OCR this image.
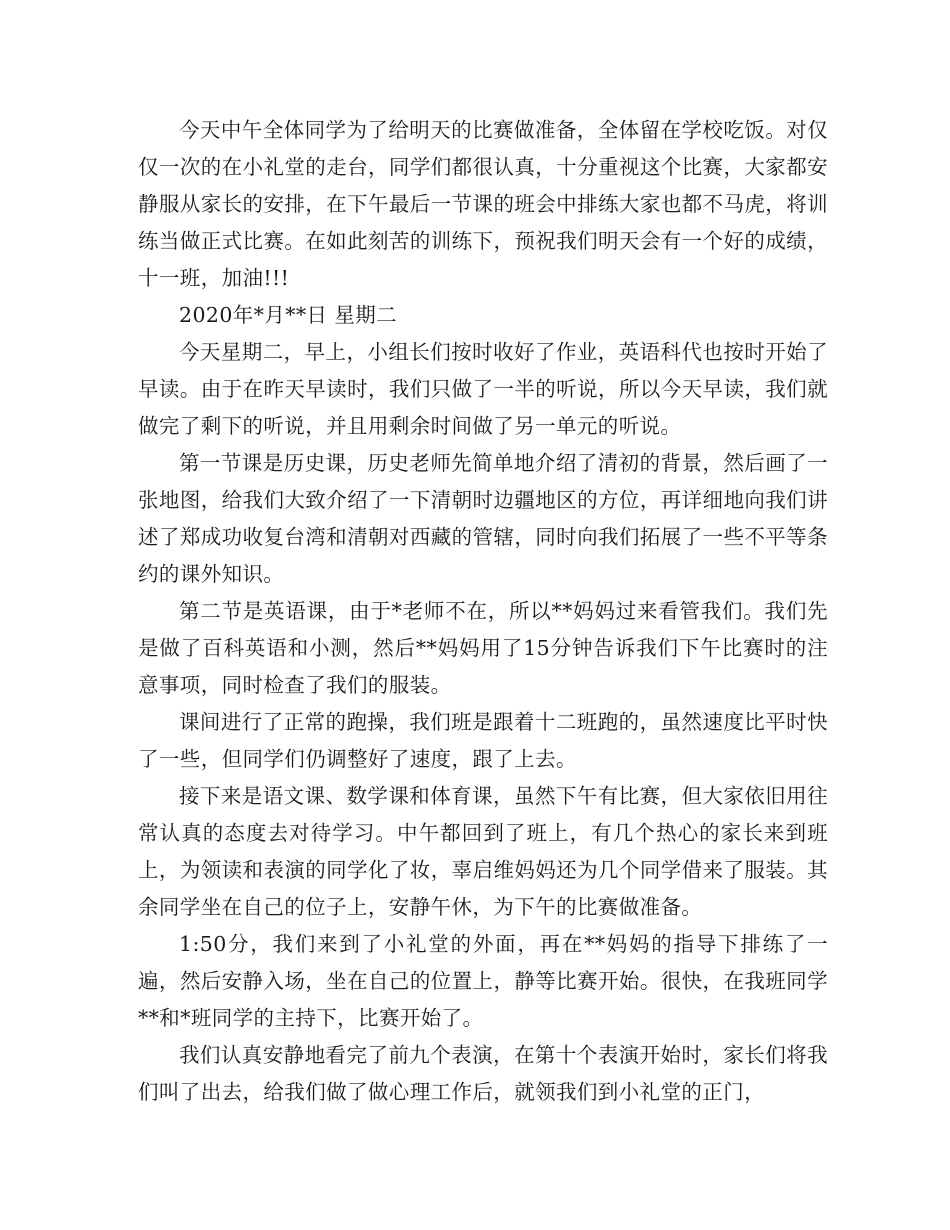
今天中午全体同学为了给明天的比赛做准备，全体留在学校吃饭。对仅仅一次的在小礼堂的走台，同学们都很认真，十分重视这个比赛，大家都安静服从家长的安排，在下午最后一节课的班会中排练大家也都不马虎，将训练当做正式比赛。在如此刻苦的训练下，预祝我们明天会有一个好的成绩，十一班，加油!!!

2020年*月**日 星期二

今天星期二，早上，小组长们按时收好了作业，英语科代也按时开始了早读。由于在昨天早读时，我们只做了一半的听说，所以今天早读，我们就做完了剩下的听说，并且用剩余时间做了另一单元的听说。

第一节课是历史课，历史老师先简单地介绍了清初的背景，然后画了一张地图，给我们大致介绍了一下清朝时边疆地区的方位，再详细地向我们讲述了郑成功收复台湾和清朝对西藏的管辖，同时向我们拓展了一些不平等条约的课外知识。

第二节是英语课，由于*老师不在，所以**妈妈过来看管我们。我们先是做了百科英语和小测，然后**妈妈用了15分钟告诉我们下午比赛时的注意事项，同时检查了我们的服装。

课间进行了正常的跑操，我们班是跟着十二班跑的，虽然速度比平时快了一些，但同学们仍调整好了速度，跟了上去。

接下来是语文课、数学课和体育课，虽然下午有比赛，但大家依旧用往常认真的态度去对待学习。中午都回到了班上，有几个热心的家长来到班上，为领读和表演的同学化了妆，辜启维妈妈还为几个同学借来了服装。其余同学坐在自己的位子上，安静午休，为下午的比赛做准备。

1:50分，我们来到了小礼堂的外面，再在**妈妈的指导下排练了一遍，然后安静入场，坐在自己的位置上，静等比赛开始。很快，在我班同学**和*班同学的主持下，比赛开始了。

我们认真安静地看完了前九个表演，在第十个表演开始时，家长们将我们叫了出去，给我们做了做心理工作后，就领我们到小礼堂的正门，
